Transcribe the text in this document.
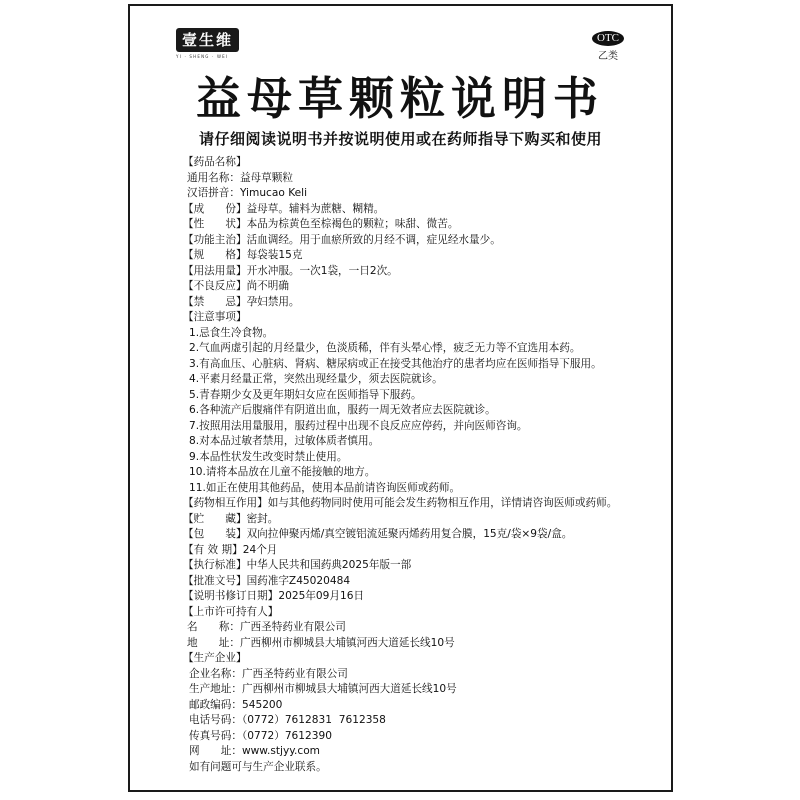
壹生维
YI · SHENG · WEI
OTC
乙类
益母草颗粒说明书
请仔细阅读说明书并按说明使用或在药师指导下购买和使用
【药品名称】
通用名称：益母草颗粒
汉语拼音：Yimucao Keli
【成　　份】益母草。辅料为蔗糖、糊精。
【性　　状】本品为棕黄色至棕褐色的颗粒；味甜、微苦。
【功能主治】活血调经。用于血瘀所致的月经不调，症见经水量少。
【规　　格】每袋装15克
【用法用量】开水冲服。一次1袋，一日2次。
【不良反应】尚不明确
【禁　　忌】孕妇禁用。
【注意事项】
1.忌食生冷食物。
2.气血两虚引起的月经量少，色淡质稀，伴有头晕心悸，疲乏无力等不宜选用本药。
3.有高血压、心脏病、肾病、糖尿病或正在接受其他治疗的患者均应在医师指导下服用。
4.平素月经量正常，突然出现经量少，须去医院就诊。
5.青春期少女及更年期妇女应在医师指导下服药。
6.各种流产后腹痛伴有阴道出血，服药一周无效者应去医院就诊。
7.按照用法用量服用，服药过程中出现不良反应应停药，并向医师咨询。
8.对本品过敏者禁用，过敏体质者慎用。
9.本品性状发生改变时禁止使用。
10.请将本品放在儿童不能接触的地方。
11.如正在使用其他药品，使用本品前请咨询医师或药师。
【药物相互作用】如与其他药物同时使用可能会发生药物相互作用，详情请咨询医师或药师。
【贮　　藏】密封。
【包　　装】双向拉伸聚丙烯/真空镀铝流延聚丙烯药用复合膜，15克/袋×9袋/盒。
【有 效 期】24个月
【执行标准】中华人民共和国药典2025年版一部
【批准文号】国药准字Z45020484
【说明书修订日期】2025年09月16日
【上市许可持有人】
名　　称：广西圣特药业有限公司
地　　址：广西柳州市柳城县大埔镇河西大道延长线10号
【生产企业】
企业名称：广西圣特药业有限公司
生产地址：广西柳州市柳城县大埔镇河西大道延长线10号
邮政编码：545200
电话号码：（0772）7612831  7612358
传真号码：（0772）7612390
网　　址：www.stjyy.com
如有问题可与生产企业联系。
